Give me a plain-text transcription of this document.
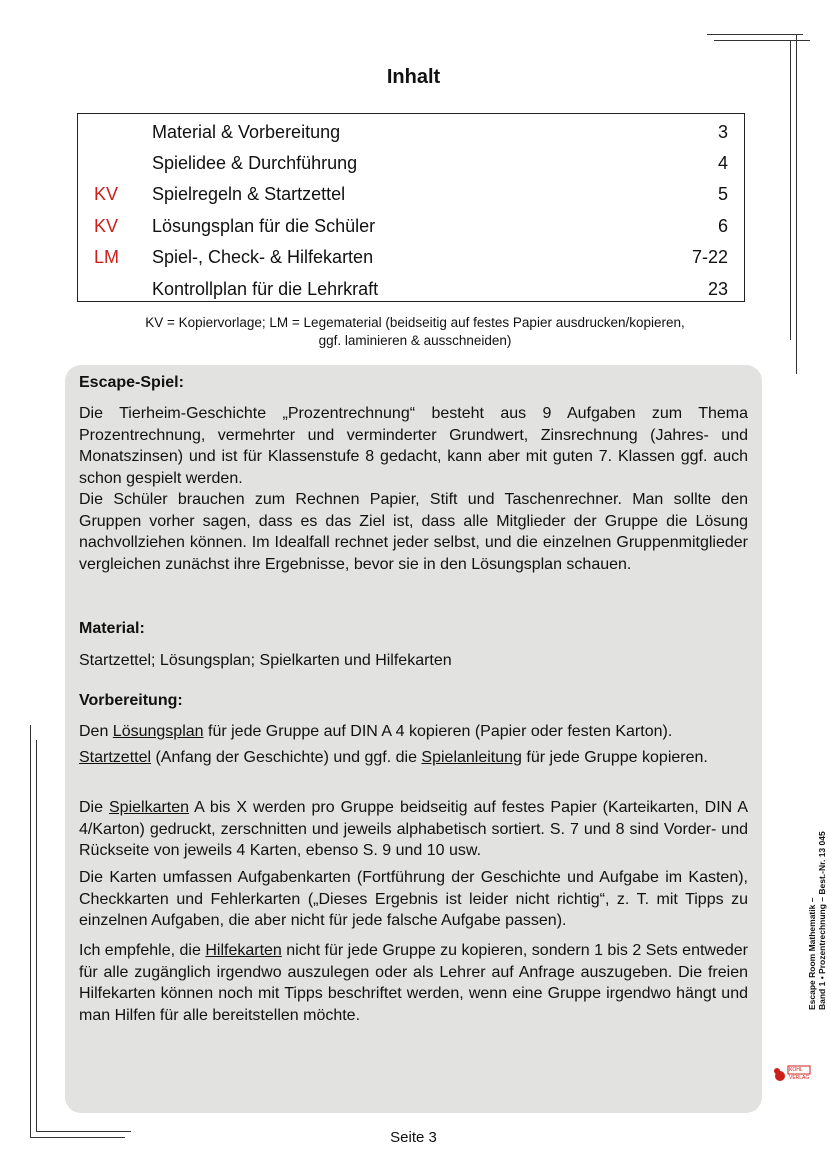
Inhalt
Material & Vorbereitung	3
Spielidee & Durchführung	4
KV Spielregeln & Startzettel	5
KV Lösungsplan für die Schüler	6
LM Spiel-, Check- & Hilfekarten	7-22
Kontrollplan für die Lehrkraft	23
KV = Kopiervorlage; LM = Legematerial (beidseitig auf festes Papier ausdrucken/kopieren,
ggf. laminieren & ausschneiden)
Escape-Spiel:
Die Tierheim-Geschichte „Prozentrechnung“ besteht aus 9 Aufgaben zum Thema Prozentrechnung, vermehrter und verminderter Grundwert, Zinsrechnung (Jahres- und Monatszinsen) und ist für Klassenstufe 8 gedacht, kann aber mit guten 7. Klassen ggf. auch schon gespielt werden.
Die Schüler brauchen zum Rechnen Papier, Stift und Taschenrechner. Man sollte den Gruppen vorher sagen, dass es das Ziel ist, dass alle Mitglieder der Gruppe die Lösung nachvollziehen können. Im Idealfall rechnet jeder selbst, und die einzelnen Gruppenmitglieder vergleichen zunächst ihre Ergebnisse, bevor sie in den Lösungsplan schauen.
Material:
Startzettel; Lösungsplan; Spielkarten und Hilfekarten
Vorbereitung:
Den Lösungsplan für jede Gruppe auf DIN A 4 kopieren (Papier oder festen Karton).
Startzettel (Anfang der Geschichte) und ggf. die Spielanleitung für jede Gruppe kopieren.
Die Spielkarten A bis X werden pro Gruppe beidseitig auf festes Papier (Karteikarten, DIN A 4/Karton) gedruckt, zerschnitten und jeweils alphabetisch sortiert. S. 7 und 8 sind Vorder- und Rückseite von jeweils 4 Karten, ebenso S. 9 und 10 usw.
Die Karten umfassen Aufgabenkarten (Fortführung der Geschichte und Aufgabe im Kasten), Checkkarten und Fehlerkarten („Dieses Ergebnis ist leider nicht richtig“, z. T. mit Tipps zu einzelnen Aufgaben, die aber nicht für jede falsche Aufgabe passen).
Ich empfehle, die Hilfekarten nicht für jede Gruppe zu kopieren, sondern 1 bis 2 Sets entweder für alle zugänglich irgendwo auszulegen oder als Lehrer auf Anfrage auszugeben. Die freien Hilfekarten können noch mit Tipps beschriftet werden, wenn eine Gruppe irgendwo hängt und man Hilfen für alle bereitstellen möchte.
Escape Room Mathematik – Band 1 • Prozentrechnung – Best.-Nr. 13 045
KOHL VERLAG
Seite 3
